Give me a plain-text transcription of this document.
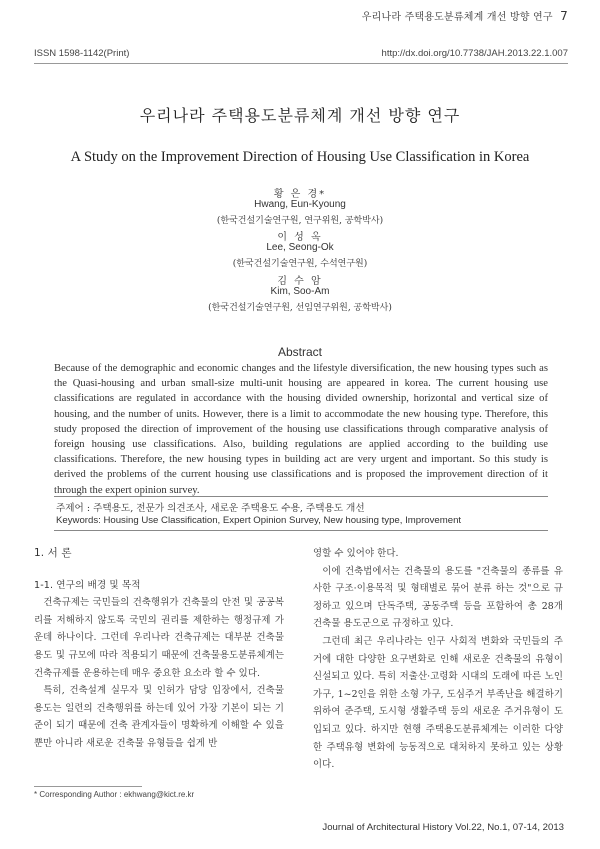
우리나라 주택용도분류체계 개선 방향 연구 7
ISSN 1598-1142(Print)	http://dx.doi.org/10.7738/JAH.2013.22.1.007
우리나라 주택용도분류체계 개선 방향 연구
A Study on the Improvement Direction of Housing Use Classification in Korea
황 은 경*
Hwang, Eun-Kyoung
(한국건설기술연구원, 연구위원, 공학박사)
이 성 옥
Lee, Seong-Ok
(한국건설기술연구원, 수석연구원)
김 수 암
Kim, Soo-Am
(한국건설기술연구원, 선임연구위원, 공학박사)
Abstract
Because of the demographic and economic changes and the lifestyle diversification, the new housing types such as the Quasi-housing and urban small-size multi-unit housing are appeared in korea. The current housing use classifications are regulated in accordance with the housing divided ownership, horizontal and vertical size of housing, and the number of units. However, there is a limit to accommodate the new housing type. Therefore, this study proposed the direction of improvement of the housing use classifications through comparative analysis of foreign housing use classifications. Also, building regulations are applied according to the building use classifications. Therefore, the new housing types in building act are very urgent and important. So this study is derived the problems of the current housing use classifications and is proposed the improvement direction of it through the expert opinion survey.
주제어 : 주택용도, 전문가 의견조사, 새로운 주택용도 수용, 주택용도 개선
Keywords: Housing Use Classification, Expert Opinion Survey, New housing type, Improvement
1. 서 론
1-1. 연구의 배경 및 목적

건축규제는 국민들의 건축행위가 건축물의 안전 및 공공복리를 저해하지 않도록 국민의 권리를 제한하는 행정규제 가운데 하나이다. 그런데 우리나라 건축규제는 대부분 건축물 용도 및 규모에 따라 적용되기 때문에 건축물용도분류체계는 건축규제를 운용하는데 매우 중요한 요소라 할 수 있다.

특히, 건축설계 실무자 및 인허가 담당 입장에서, 건축물 용도는 일련의 건축행위를 하는데 있어 가장 기본이 되는 기준이 되기 때문에 건축 관계자들이 명확하게 이해할 수 있을 뿐만 아니라 새로운 건축물 유형들을 쉽게 반

영할 수 있어야 한다.

이에 건축법에서는 건축물의 용도를 "건축물의 종류를 유사한 구조·이용목적 및 형태별로 묶어 분류 하는 것"으로 규정하고 있으며 단독주택, 공동주택 등을 포함하여 총 28개 건축물 용도군으로 규정하고 있다.

그런데 최근 우리나라는 인구 사회적 변화와 국민들의 주거에 대한 다양한 요구변화로 인해 새로운 건축물의 유형이 신설되고 있다. 특히 저출산·고령화 시대의 도래에 따른 노인가구, 1~2인을 위한 소형 가구, 도심주거 부족난을 해결하기 위하여 준주택, 도시형 생활주택 등의 새로운 주거유형이 도입되고 있다. 하지만 현행 주택용도분류체계는 이러한 다양한 주택유형 변화에 능동적으로 대처하지 못하고 있는 상황이다.

* Corresponding Author : ekhwang@kict.re.kr
Journal of Architectural History Vol.22, No.1, 07-14, 2013
